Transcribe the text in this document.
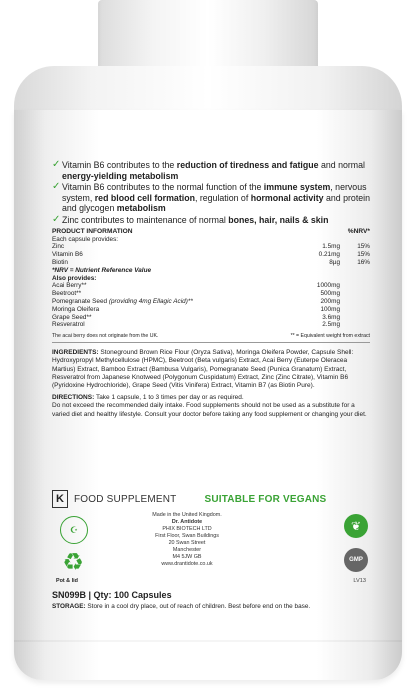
✓ Vitamin B6 contributes to the reduction of tiredness and fatigue and normal energy-yielding metabolism
✓ Vitamin B6 contributes to the normal function of the immune system, nervous system, red blood cell formation, regulation of hormonal activity and protein and glycogen metabolism
✓ Zinc contributes to maintenance of normal bones, hair, nails & skin
PRODUCT INFORMATION	%NRV*
Each capsule provides:
Zinc	1.5mg	15%
Vitamin B6	0.21mg	15%
Biotin	8µg	16%
*NRV = Nutrient Reference Value
Also provides:
Acai Berry**	1000mg
Beetroot**	500mg
Pomegranate Seed (providing 4mg Ellagic Acid)**	200mg
Moringa Oleifera	100mg
Grape Seed**	3.6mg
Resveratrol	2.5mg
The acai berry does not originate from the UK.	** = Equivalent weight from extract

INGREDIENTS: Stoneground Brown Rice Flour (Oryza Sativa), Moringa Oleifera Powder, Capsule Shell: Hydroxypropyl Methylcellulose (HPMC), Beetroot (Beta vulgaris) Extract, Acai Berry (Euterpe Oleracea Martius) Extract, Bamboo Extract (Bambusa Vulgaris), Pomegranate Seed (Punica Granatum) Extract, Resveratrol from Japanese Knotweed (Polygonum Cuspidatum) Extract, Zinc (Zinc Citrate), Vitamin B6 (Pyridoxine Hydrochloride), Grape Seed (Vitis Vinifera) Extract, Vitamin B7 (as Biotin Pure).

DIRECTIONS: Take 1 capsule, 1 to 3 times per day or as required.
Do not exceed the recommended daily intake. Food supplements should not be used as a substitute for a varied diet and healthy lifestyle. Consult your doctor before taking any food supplement or changing your diet.

K	FOOD SUPPLEMENT	SUITABLE FOR VEGANS
☪
♻
Pot & lid
Made in the United Kingdom.
Dr. Antidote
PHIX BIOTECH LTD
First Floor, Swan Buildings
20 Swan Street
Manchester
M4 5JW GB
www.drantidote.co.uk
❦
GMP
LV13
SN099B | Qty: 100 Capsules
STORAGE: Store in a cool dry place, out of reach of children. Best before end on the base.
